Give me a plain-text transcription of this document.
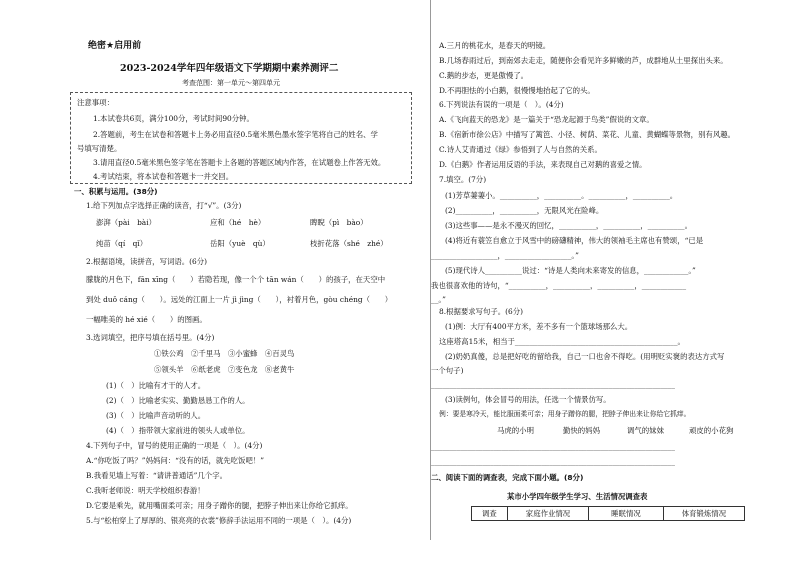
绝密★启用前
2023-2024学年四年级语文下学期期中素养测评二
考查范围：第一单元～第四单元
注意事项：
1.本试卷共6页，满分100分，考试时间90分钟。
2.答题前，考生在试卷和答题卡上务必用直径0.5毫米黑色墨水签字笔将自己的姓名、学
号填写清楚。
3.请用直径0.5毫米黑色签字笔在答题卡上各题的答题区域内作答，在试题卷上作答无效。
4.考试结束，将本试卷和答题卡一并交回。
一、积累与运用。(38分)
1.给下列加点字选择正确的读音，打“√”。(3分)
澎湃（pài　bài）	应和（hé　hè）	睥睨（pì　bào）
纯苗（qí　qǐ）	岳阳（yuè　qù）	枝折花落（shé　zhé）
2.根据语境，读拼音，写词语。(6分)
朦胧的月色下，fān xīng（　　）若隐若现，像一个个 tān wán（　　）的孩子，在天空中
到处 duǒ cáng（　　）。远处的江面上一片 jì jìng（　　），衬着月色，gòu chéng（　　）
一幅唯美的 hé xié（　　）的图画。
3.选词填空，把序号填在括号里。(4分)
①铁公鸡　②千里马　③小蜜蜂　④百灵鸟
⑤领头羊　⑥纸老虎　⑦变色龙　⑧老黄牛
(1)（　）比喻有才干的人才。
(2)（　）比喻老实实、勤勤恳恳工作的人。
(3)（　）比喻声音动听的人。
(4)（　）指带领大家前进的领头人或单位。
4.下列句子中，冒号的使用正确的一项是（　）。(4分)
A.“你吃饭了吗？”妈妈问：“没有的话，就先吃饭吧！”
B.我看见墙上写着：“请讲普通话”几个字。
C.我听老师说：明天学校组织春游！
D.它要是乘先，就用嘴面柔可亲；用身子蹭你的腿，把脖子伸出来让你给它抓痒。
5.与“松柏穿上了厚厚的、银亮亮的衣裳”修辞手法运用不同的一项是（　）。(4分)
A.三月的桃花水，是春天的明镜。
B.几场春雨过后，到南郊去走走，随便你会看见许多鲜嫩的芦，成群地从土里探出头来。
C.鹅的步态，更是傲慢了。
D.不再胆怯的小白鹅，很慢慢地抬起了它的头。
6.下列说法有误的一项是（　）。(4分)
A.《飞向蓝天的恐龙》是一篇关于“恐龙起源于鸟类”假说的文章。
B.《宿新市徐公店》中描写了篱笆、小径、树荫、菜花、儿童、黄蝴蝶等景物，别有风趣。
C.诗人艾青通过《绿》参悟到了人与自然的关系。
D.《白鹅》作者运用反语的手法，来表现自己对鹅的喜爱之情。
7.填空。(7分)
(1)芳草萋萋小。__________，__________。__________，__________。
(2)__________，__________，无限风光在险峰。
(3)这些事——是永不漫灭的回忆，__________，__________，__________。
(4)将近有蓑笠自愈立于风雪中的磅礴精神，伟大的领袖毛主席也有赞颂，“已是
__________________，__________________。”
(5)现代诗人__________说过：“诗是人类向未来寄发的信息，____________。”
我也很喜欢他的诗句，“__________，__________，__________，____________
__。”
8.根据要求写句子。(6分)
(1)例：大厅有400平方米，差不多有一个篮球场那么大。
这座塔高15米，相当于____________________________________________。
(2)奶奶真傻，总是把好吃的留给我，自己一口也舍不得吃。(用明贬实褒的表达方式写
一个句子)
__________________________________________________________________
(3)读例句，体会冒号的用法，任选一个情景仿写。
例：要是寒冷天，能比服面柔可亲；用身子蹭你的腿，把脖子伸出来让你给它抓痒。
马虎的小明	勤快的妈妈	调气的妹妹	顽皮的小花狗
__________________________________________________________________
__________________________________________________________________
二、阅读下面的调查表，完成下面小题。(8分)
某市小学四年级学生学习、生活情况调查表
调查	家庭作业情况	睡眠情况	体育锻炼情况
